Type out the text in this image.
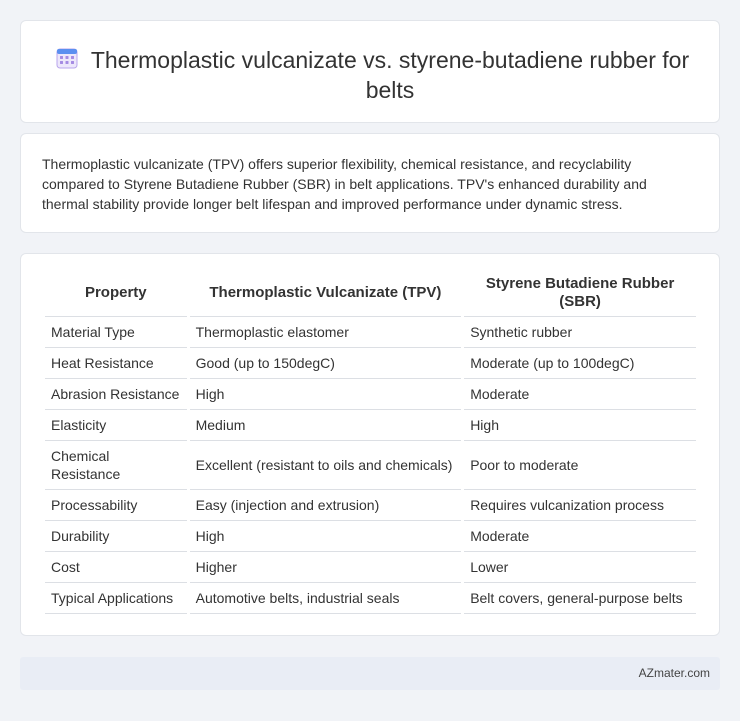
Thermoplastic vulcanizate vs. styrene-butadiene rubber for belts

Thermoplastic vulcanizate (TPV) offers superior flexibility, chemical resistance, and recyclability compared to Styrene Butadiene Rubber (SBR) in belt applications. TPV's enhanced durability and thermal stability provide longer belt lifespan and improved performance under dynamic stress.

Property	Thermoplastic Vulcanizate (TPV)	Styrene Butadiene Rubber (SBR)
Material Type	Thermoplastic elastomer	Synthetic rubber
Heat Resistance	Good (up to 150degC)	Moderate (up to 100degC)
Abrasion Resistance	High	Moderate
Elasticity	Medium	High
Chemical Resistance	Excellent (resistant to oils and chemicals)	Poor to moderate
Processability	Easy (injection and extrusion)	Requires vulcanization process
Durability	High	Moderate
Cost	Higher	Lower
Typical Applications	Automotive belts, industrial seals	Belt covers, general-purpose belts
AZmater.com
